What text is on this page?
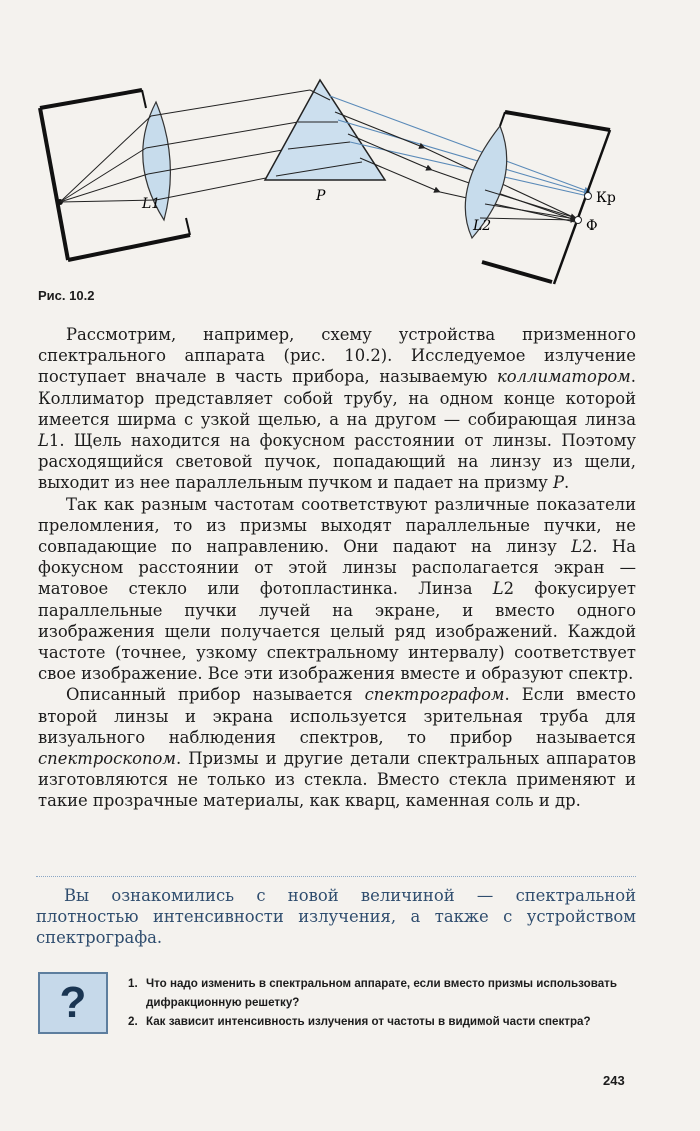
L1	P
L2
Кр
Ф
Рис. 10.2

Рассмотрим, например, схему устройства призменного спектрального аппарата (рис. 10.2). Исследуемое излучение поступает вначале в часть прибора, называемую коллиматором. Коллиматор представляет собой трубу, на одном конце которой имеется ширма с узкой щелью, а на другом — собирающая линза L1. Щель находится на фокусном расстоянии от линзы. Поэтому расходящийся световой пучок, попадающий на линзу из щели, выходит из нее параллельным пучком и падает на призму P.

Так как разным частотам соответствуют различные показатели преломления, то из призмы выходят параллельные пучки, не совпадающие по направлению. Они падают на линзу L2. На фокусном расстоянии от этой линзы располагается экран — матовое стекло или фотопластинка. Линза L2 фокусирует параллельные пучки лучей на экране, и вместо одного изображения щели получается целый ряд изображений. Каждой частоте (точнее, узкому спектральному интервалу) соответствует свое изображение. Все эти изображения вместе и образуют спектр.

Описанный прибор называется спектрографом. Если вместо второй линзы и экрана используется зрительная труба для визуального наблюдения спектров, то прибор называется спектроскопом. Призмы и другие детали спектральных аппаратов изготовляются не только из стекла. Вместо стекла применяют и такие прозрачные материалы, как кварц, каменная соль и др.

Вы ознакомились с новой величиной — спектральной плотностью интенсивности излучения, а также с устройством спектрографа.

?	1. Что надо изменить в спектральном аппарате, если вместо призмы использовать дифракционную решетку?
2. Как зависит интенсивность излучения от частоты в видимой части спектра?
243
